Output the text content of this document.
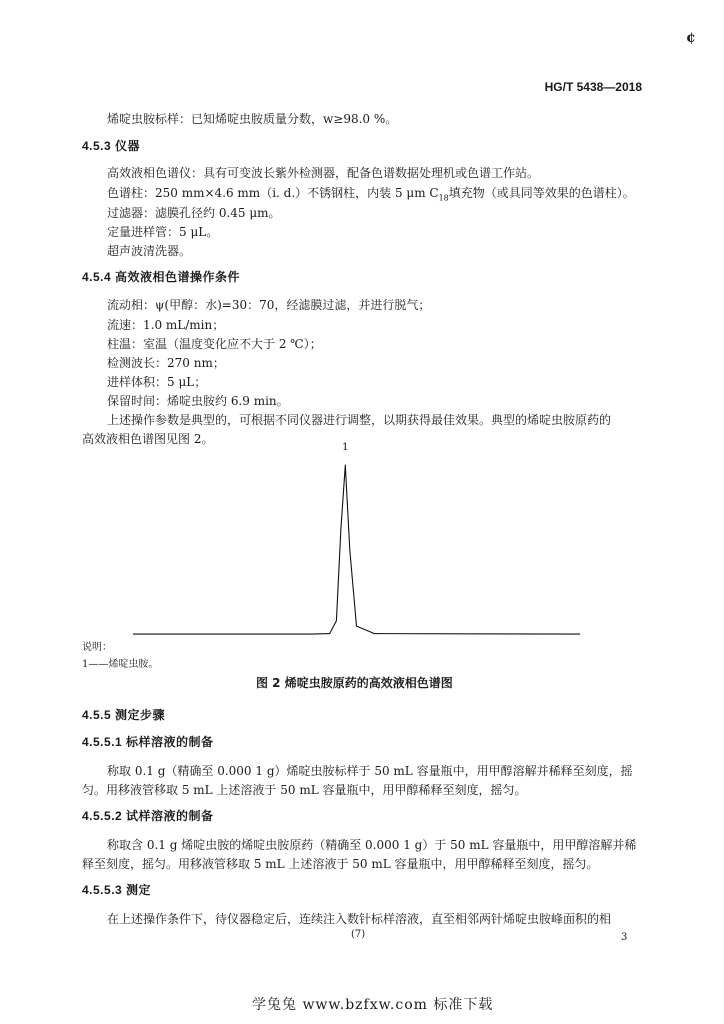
¢
HG/T 5438—2018
烯啶虫胺标样：已知烯啶虫胺质量分数，w≥98.0 %。
4.5.3 仪器
高效液相色谱仪：具有可变波长紫外检测器，配备色谱数据处理机或色谱工作站。
色谱柱：250 mm×4.6 mm（i. d.）不锈钢柱，内装 5 μm $C_{18}$填充物（或具同等效果的色谱柱）。
过滤器：滤膜孔径约 0.45 μm。
定量进样管：5 μL。
超声波清洗器。
4.5.4 高效液相色谱操作条件
流动相：ψ(甲醇：水)=30：70，经滤膜过滤，并进行脱气；
流速：1.0 mL/min；
柱温：室温（温度变化应不大于 2 ℃）；
检测波长：270 nm；
进样体积：5 μL；
保留时间：烯啶虫胺约 6.9 min。
上述操作参数是典型的，可根据不同仪器进行调整，以期获得最佳效果。典型的烯啶虫胺原药的
高效液相色谱图见图 2。
1
说明：
1——烯啶虫胺。
图 2 烯啶虫胺原药的高效液相色谱图
4.5.5 测定步骤
4.5.5.1 标样溶液的制备
称取 0.1 g（精确至 0.000 1 g）烯啶虫胺标样于 50 mL 容量瓶中，用甲醇溶解并稀释至刻度，摇
匀。用移液管移取 5 mL 上述溶液于 50 mL 容量瓶中，用甲醇稀释至刻度，摇匀。
4.5.5.2 试样溶液的制备
称取含 0.1 g 烯啶虫胺的烯啶虫胺原药（精确至 0.000 1 g）于 50 mL 容量瓶中，用甲醇溶解并稀
释至刻度，摇匀。用移液管移取 5 mL 上述溶液于 50 mL 容量瓶中，用甲醇稀释至刻度，摇匀。
4.5.5.3 测定
在上述操作条件下，待仪器稳定后，连续注入数针标样溶液，直至相邻两针烯啶虫胺峰面积的相
(7)	3
学兔兔 www.bzfxw.com 标准下载
